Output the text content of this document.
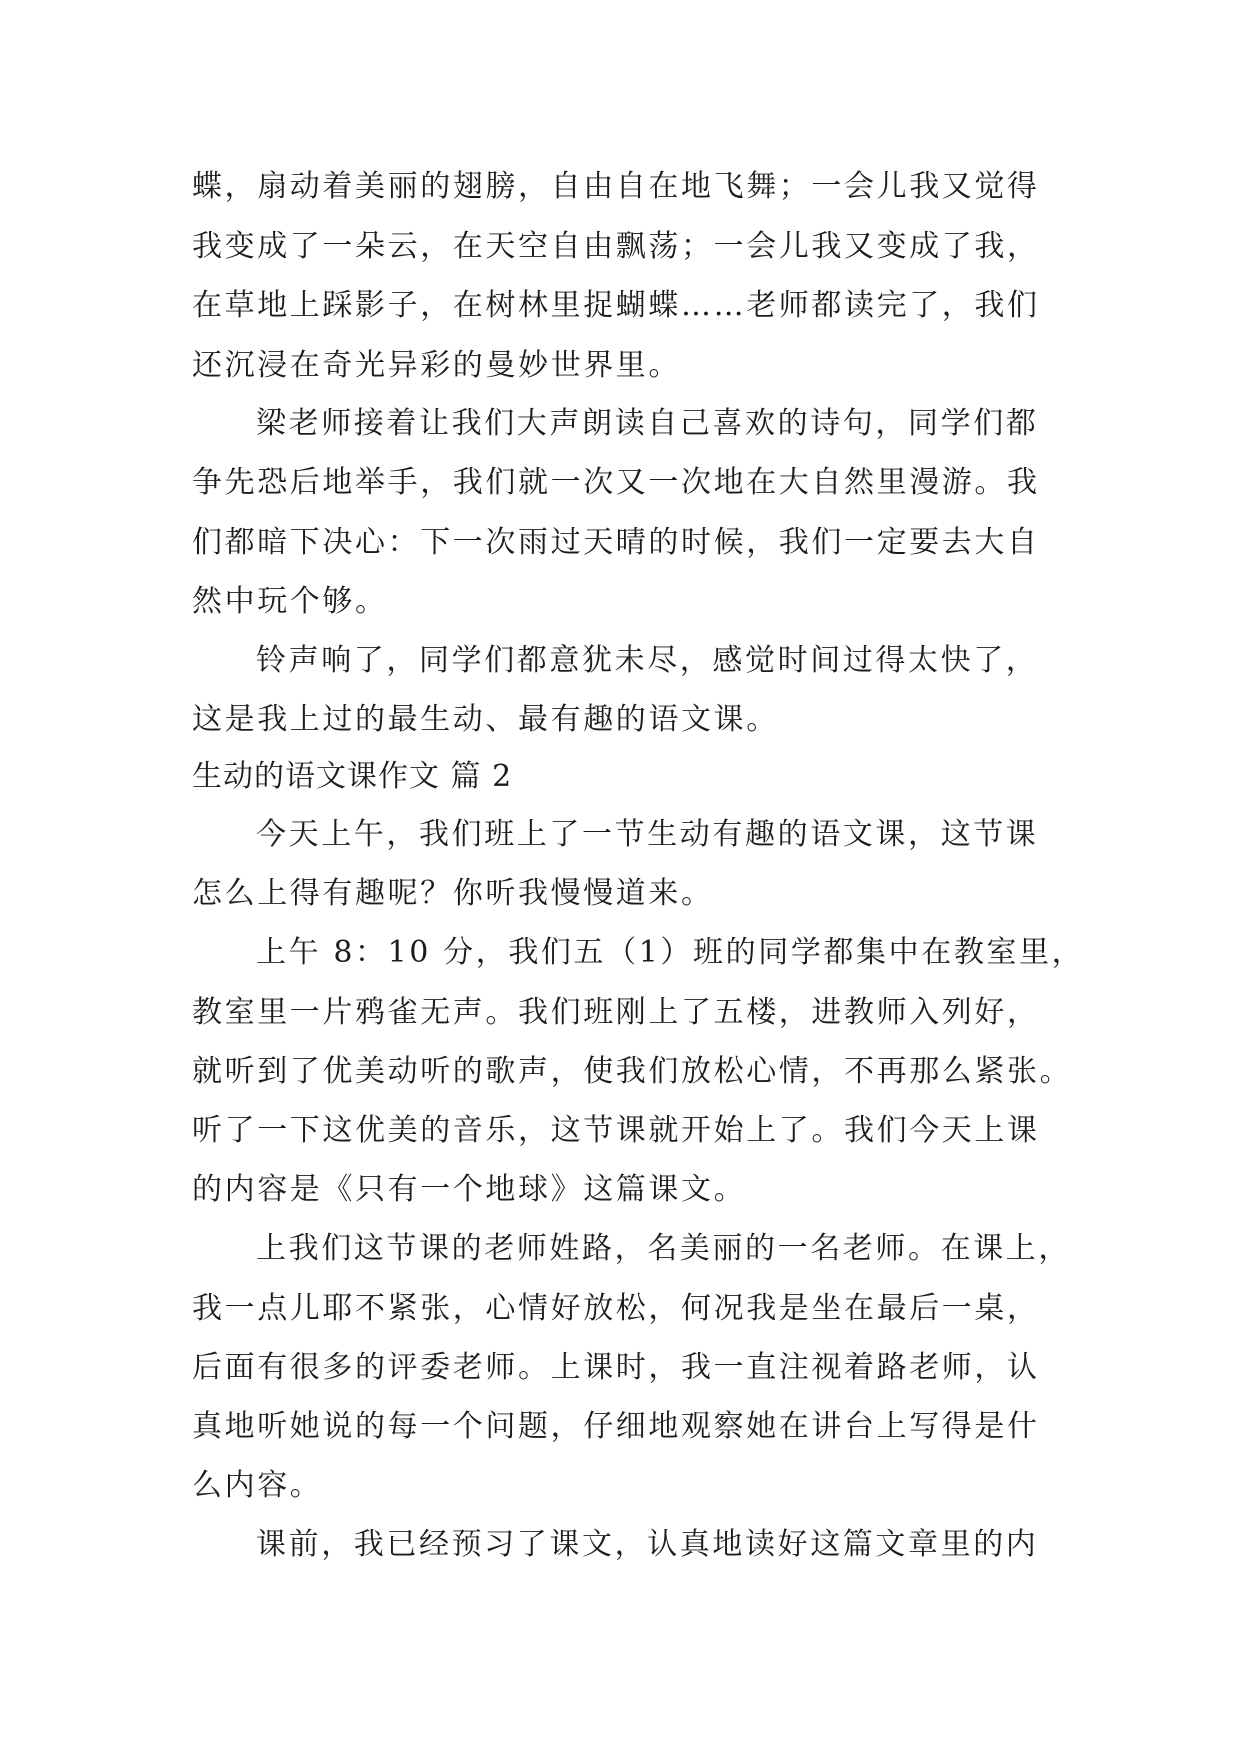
蝶，扇动着美丽的翅膀，自由自在地飞舞；一会儿我又觉得

我变成了一朵云，在天空自由飘荡；一会儿我又变成了我，

在草地上踩影子，在树林里捉蝴蝶……老师都读完了，我们

还沉浸在奇光异彩的曼妙世界里。

梁老师接着让我们大声朗读自己喜欢的诗句，同学们都

争先恐后地举手，我们就一次又一次地在大自然里漫游。我

们都暗下决心：下一次雨过天晴的时候，我们一定要去大自

然中玩个够。

铃声响了，同学们都意犹未尽，感觉时间过得太快了，

这是我上过的最生动、最有趣的语文课。

生动的语文课作文 篇 2

今天上午，我们班上了一节生动有趣的语文课，这节课

怎么上得有趣呢？你听我慢慢道来。

上午 8：10 分，我们五（1）班的同学都集中在教室里，

教室里一片鸦雀无声。我们班刚上了五楼，进教师入列好，

就听到了优美动听的歌声，使我们放松心情，不再那么紧张。

听了一下这优美的音乐，这节课就开始上了。我们今天上课

的内容是《只有一个地球》这篇课文。

上我们这节课的老师姓路，名美丽的一名老师。在课上，

我一点儿耶不紧张，心情好放松，何况我是坐在最后一桌，

后面有很多的评委老师。上课时，我一直注视着路老师，认

真地听她说的每一个问题，仔细地观察她在讲台上写得是什

么内容。

课前，我已经预习了课文，认真地读好这篇文章里的内
